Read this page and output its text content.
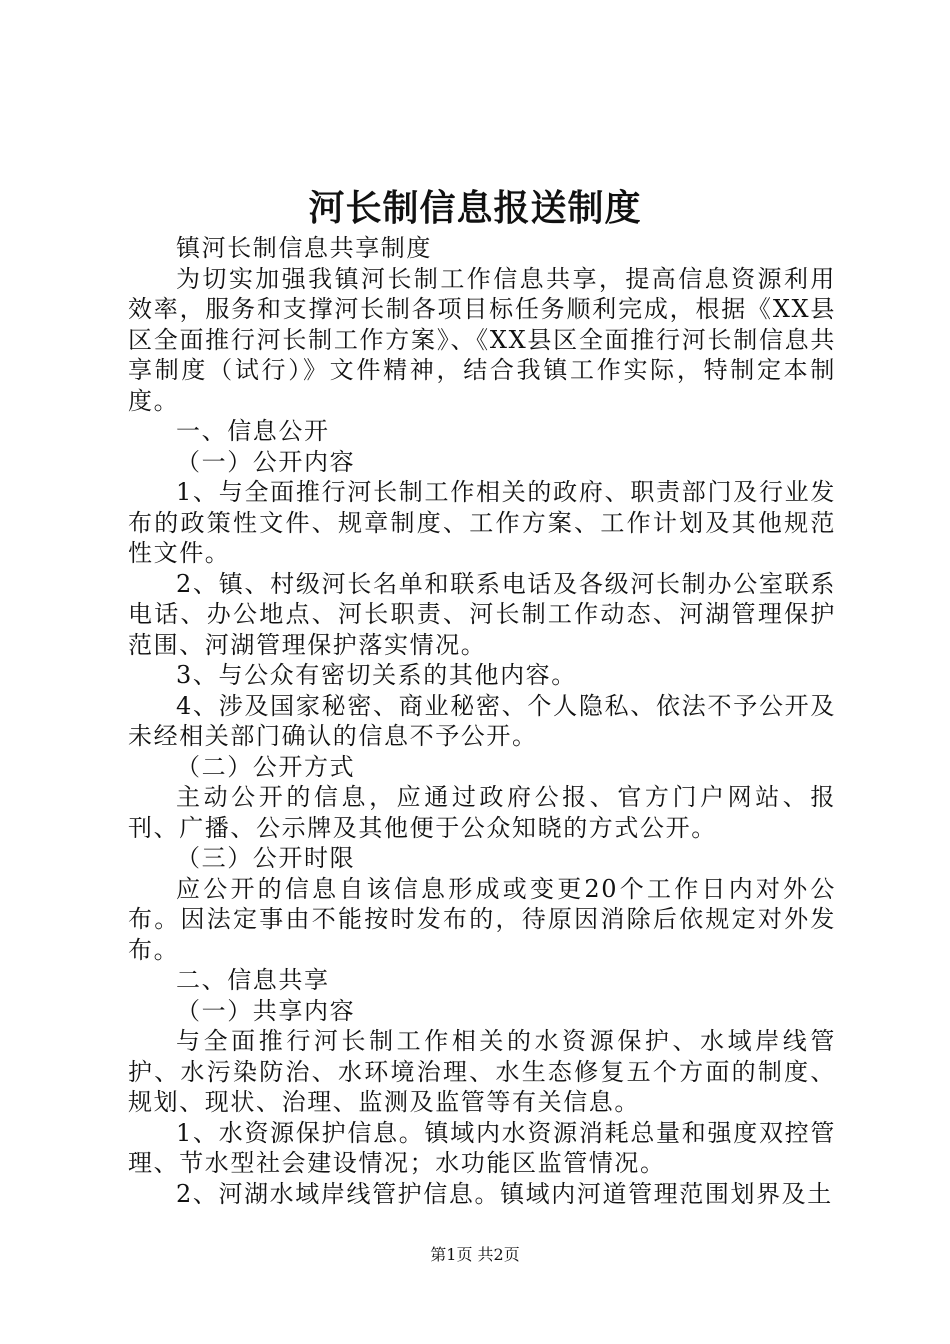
河长制信息报送制度

镇河长制信息共享制度

为切实加强我镇河长制工作信息共享，提高信息资源利用效率，服务和支撑河长制各项目标任务顺利完成，根据《XX县区全面推行河长制工作方案》、《XX县区全面推行河长制信息共享制度（试行）》文件精神，结合我镇工作实际，特制定本制度。

一、信息公开

（一）公开内容

1、与全面推行河长制工作相关的政府、职责部门及行业发布的政策性文件、规章制度、工作方案、工作计划及其他规范性文件。

2、镇、村级河长名单和联系电话及各级河长制办公室联系电话、办公地点、河长职责、河长制工作动态、河湖管理保护范围、河湖管理保护落实情况。

3、与公众有密切关系的其他内容。

4、涉及国家秘密、商业秘密、个人隐私、依法不予公开及未经相关部门确认的信息不予公开。

（二）公开方式

主动公开的信息，应通过政府公报、官方门户网站、报刊、广播、公示牌及其他便于公众知晓的方式公开。

（三）公开时限

应公开的信息自该信息形成或变更20个工作日内对外公布。因法定事由不能按时发布的，待原因消除后依规定对外发布。

二、信息共享

（一）共享内容

与全面推行河长制工作相关的水资源保护、水域岸线管护、水污染防治、水环境治理、水生态修复五个方面的制度、规划、现状、治理、监测及监管等有关信息。

1、水资源保护信息。镇域内水资源消耗总量和强度双控管理、节水型社会建设情况；水功能区监管情况。

2、河湖水域岸线管护信息。镇域内河道管理范围划界及土

第1页 共2页
